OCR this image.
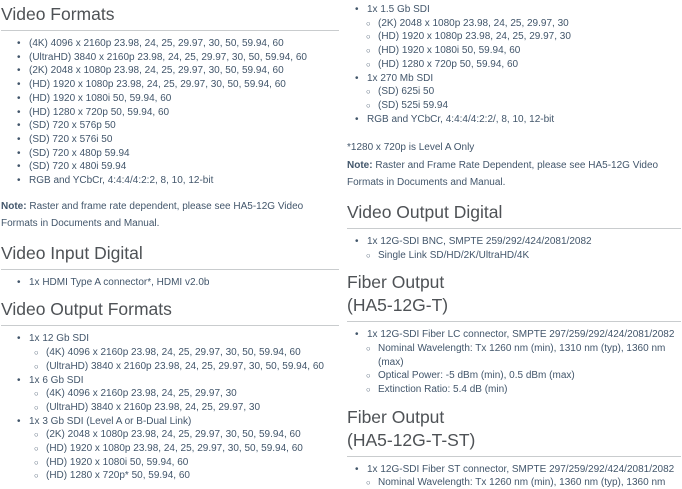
Video Formats
• (4K) 4096 x 2160p 23.98, 24, 25, 29.97, 30, 50, 59.94, 60
• (UltraHD) 3840 x 2160p 23.98, 24, 25, 29.97, 30, 50, 59.94, 60
• (2K) 2048 x 1080p 23.98, 24, 25, 29.97, 30, 50, 59.94, 60
• (HD) 1920 x 1080p 23.98, 24, 25, 29.97, 30, 50, 59.94, 60
• (HD) 1920 x 1080i 50, 59.94, 60
• (HD) 1280 x 720p 50, 59.94, 60
• (SD) 720 x 576p 50
• (SD) 720 x 576i 50
• (SD) 720 x 480p 59.94
• (SD) 720 x 480i 59.94
• RGB and YCbCr, 4:4:4/4:2:2, 8, 10, 12-bit

Note: Raster and frame rate dependent, please see HA5-12G Video Formats in Documents and Manual.

Video Input Digital
• 1x HDMI Type A connector*, HDMI v2.0b
Video Output Formats
• 1x 12 Gb SDI
○ (4K) 4096 x 2160p 23.98, 24, 25, 29.97, 30, 50, 59.94, 60
○ (UltraHD) 3840 x 2160p 23.98, 24, 25, 29.97, 30, 50, 59.94, 60
• 1x 6 Gb SDI
○ (4K) 4096 x 2160p 23.98, 24, 25, 29.97, 30
○ (UltraHD) 3840 x 2160p 23.98, 24, 25, 29.97, 30
• 1x 3 Gb SDI (Level A or B-Dual Link)
○ (2K) 2048 x 1080p 23.98, 24, 25, 29.97, 30, 50, 59.94, 60
○ (HD) 1920 x 1080p 23.98, 24, 25, 29.97, 30, 50, 59.94, 60
○ (HD) 1920 x 1080i 50, 59.94, 60
○ (HD) 1280 x 720p* 50, 59.94, 60
• 1x 1.5 Gb SDI
○ (2K) 2048 x 1080p 23.98, 24, 25, 29.97, 30
○ (HD) 1920 x 1080p 23.98, 24, 25, 29.97, 30
○ (HD) 1920 x 1080i 50, 59.94, 60
○ (HD) 1280 x 720p 50, 59.94, 60
• 1x 270 Mb SDI
○ (SD) 625i 50
○ (SD) 525i 59.94
• RGB and YCbCr, 4:4:4/4:2:2/, 8, 10, 12-bit

*1280 x 720p is Level A Only

Note: Raster and Frame Rate Dependent, please see HA5-12G Video Formats in Documents and Manual.

Video Output Digital
• 1x 12G-SDI BNC, SMPTE 259/292/424/2081/2082
○ Single Link SD/HD/2K/UltraHD/4K
Fiber Output
(HA5-12G-T)
• 1x 12G-SDI Fiber LC connector, SMPTE 297/259/292/424/2081/2082
○ Nominal Wavelength: Tx 1260 nm (min), 1310 nm (typ), 1360 nm
(max)
○ Optical Power: -5 dBm (min), 0.5 dBm (max)
○ Extinction Ratio: 5.4 dB (min)
Fiber Output
(HA5-12G-T-ST)
• 1x 12G-SDI Fiber ST connector, SMPTE 297/259/292/424/2081/2082
○ Nominal Wavelength: Tx 1260 nm (min), 1360 nm (typ), 1360 nm
